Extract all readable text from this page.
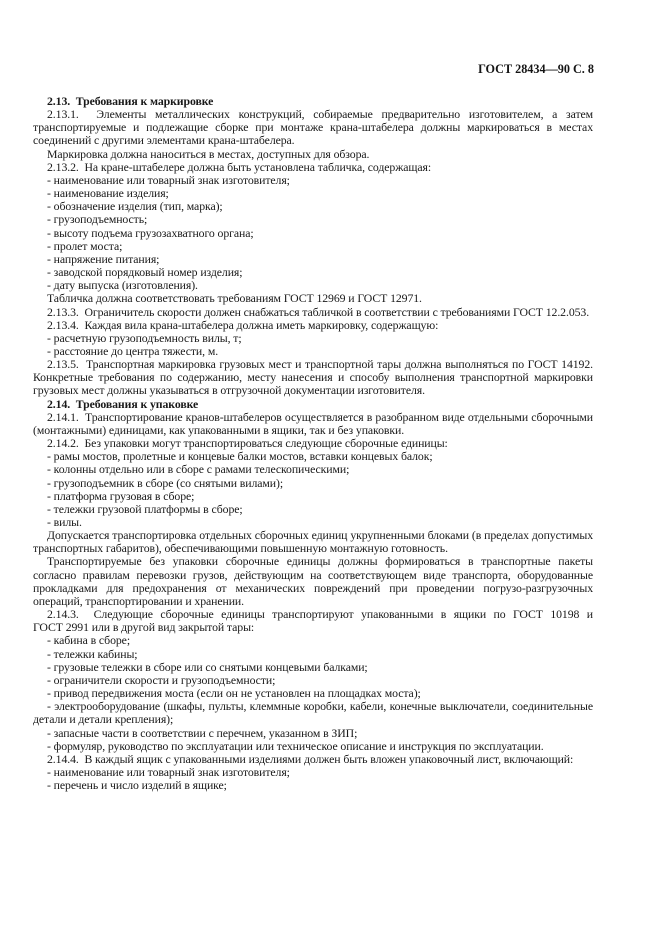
ГОСТ 28434—90 С. 8

2.13.  Требования к маркировке

2.13.1.  Элементы металлических конструкций, собираемые предварительно изготовителем, а затем транспортируемые и подлежащие сборке при монтаже крана-штабелера должны маркироваться в местах соединений с другими элементами крана-штабелера.

Маркировка должна наноситься в местах, доступных для обзора.

2.13.2.  На кране-штабелере должна быть установлена табличка, содержащая:

- наименование или товарный знак изготовителя;

- наименование изделия;

- обозначение изделия (тип, марка);

- грузоподъемность;

- высоту подъема грузозахватного органа;

- пролет моста;

- напряжение питания;

- заводской порядковый номер изделия;

- дату выпуска (изготовления).

Табличка должна соответствовать требованиям ГОСТ 12969 и ГОСТ 12971.

2.13.3.  Ограничитель скорости должен снабжаться табличкой в соответствии с требованиями ГОСТ 12.2.053.

2.13.4.  Каждая вила крана-штабелера должна иметь маркировку, содержащую:

- расчетную грузоподъемность вилы, т;

- расстояние до центра тяжести, м.

2.13.5.  Транспортная маркировка грузовых мест и транспортной тары должна выполняться по ГОСТ 14192. Конкретные требования по содержанию, месту нанесения и способу выполнения транспортной маркировки грузовых мест должны указываться в отгрузочной документации изготовителя.

2.14.  Требования к упаковке

2.14.1.  Транспортирование кранов-штабелеров осуществляется в разобранном виде отдельными сборочными (монтажными) единицами, как упакованными в ящики, так и без упаковки.

2.14.2.  Без упаковки могут транспортироваться следующие сборочные единицы:

- рамы мостов, пролетные и концевые балки мостов, вставки концевых балок;

- колонны отдельно или в сборе с рамами телескопическими;

- грузоподъемник в сборе (со снятыми вилами);

- платформа грузовая в сборе;

- тележки грузовой платформы в сборе;

- вилы.

Допускается транспортировка отдельных сборочных единиц укрупненными блоками (в пределах допустимых транспортных габаритов), обеспечивающими повышенную монтажную готовность.

Транспортируемые без упаковки сборочные единицы должны формироваться в транспортные пакеты согласно правилам перевозки грузов, действующим на соответствующем виде транспорта, оборудованные прокладками для предохранения от механических повреждений при проведении погрузо-разгрузочных операций, транспортировании и хранении.

2.14.3.  Следующие сборочные единицы транспортируют упакованными в ящики по ГОСТ 10198 и ГОСТ 2991 или в другой вид закрытой тары:

- кабина в сборе;

- тележки кабины;

- грузовые тележки в сборе или со снятыми концевыми балками;

- ограничители скорости и грузоподъемности;

- привод передвижения моста (если он не установлен на площадках моста);

- электрооборудование (шкафы, пульты, клеммные коробки, кабели, конечные выключатели, соединительные детали и детали крепления);

- запасные части в соответствии с перечнем, указанном в ЗИП;

- формуляр, руководство по эксплуатации или техническое описание и инструкция по эксплуатации.

2.14.4.  В каждый ящик с упакованными изделиями должен быть вложен упаковочный лист, включающий:

- наименование или товарный знак изготовителя;

- перечень и число изделий в ящике;
